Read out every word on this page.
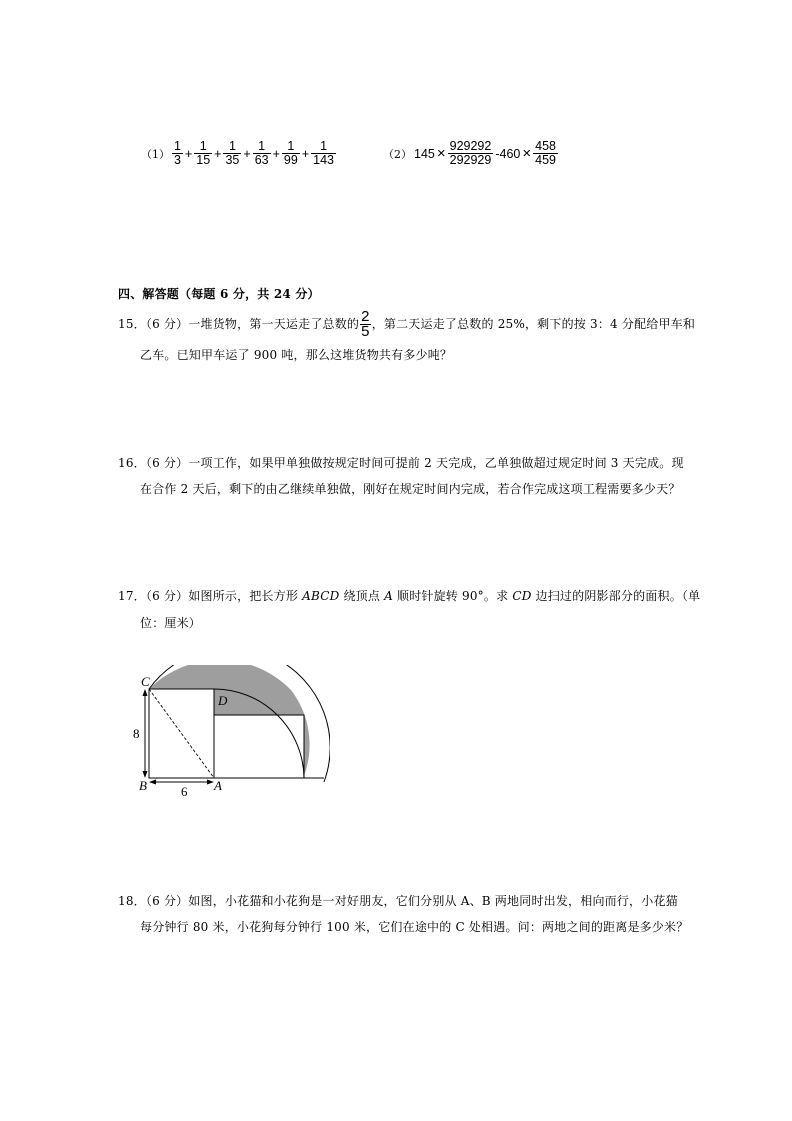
$(1) \frac{1}{3} + \frac{1}{15} + \frac{1}{35} + \frac{1}{63} + \frac{1}{99} + \frac{1}{143}$	（2） $145 \times \frac{929292}{292929} -460 \times \frac{458}{459}$
四、解答题（每题 6 分，共 24 分）
15．（6 分）一堆货物，第一天运走了总数的 $\frac{2}{5}$ ，第二天运走了总数的 25%，剩下的按 3：4 分配给甲车和
乙车。已知甲车运了 900 吨，那么这堆货物共有多少吨？
16．（6 分）一项工作，如果甲单独做按规定时间可提前 2 天完成，乙单独做超过规定时间 3 天完成。现
在合作 2 天后，剩下的由乙继续单独做，刚好在规定时间内完成，若合作完成这项工程需要多少天？
17．（6 分）如图所示，把长方形 ABCD 绕顶点 A 顺时针旋转 90°。求 CD 边扫过的阴影部分的面积。（单
位：厘米）
C
D
B	A
8
6
18．（6 分）如图，小花猫和小花狗是一对好朋友，它们分别从 A、B 两地同时出发，相向而行，小花猫
每分钟行 80 米，小花狗每分钟行 100 米，它们在途中的 C 处相遇。问：两地之间的距离是多少米？
